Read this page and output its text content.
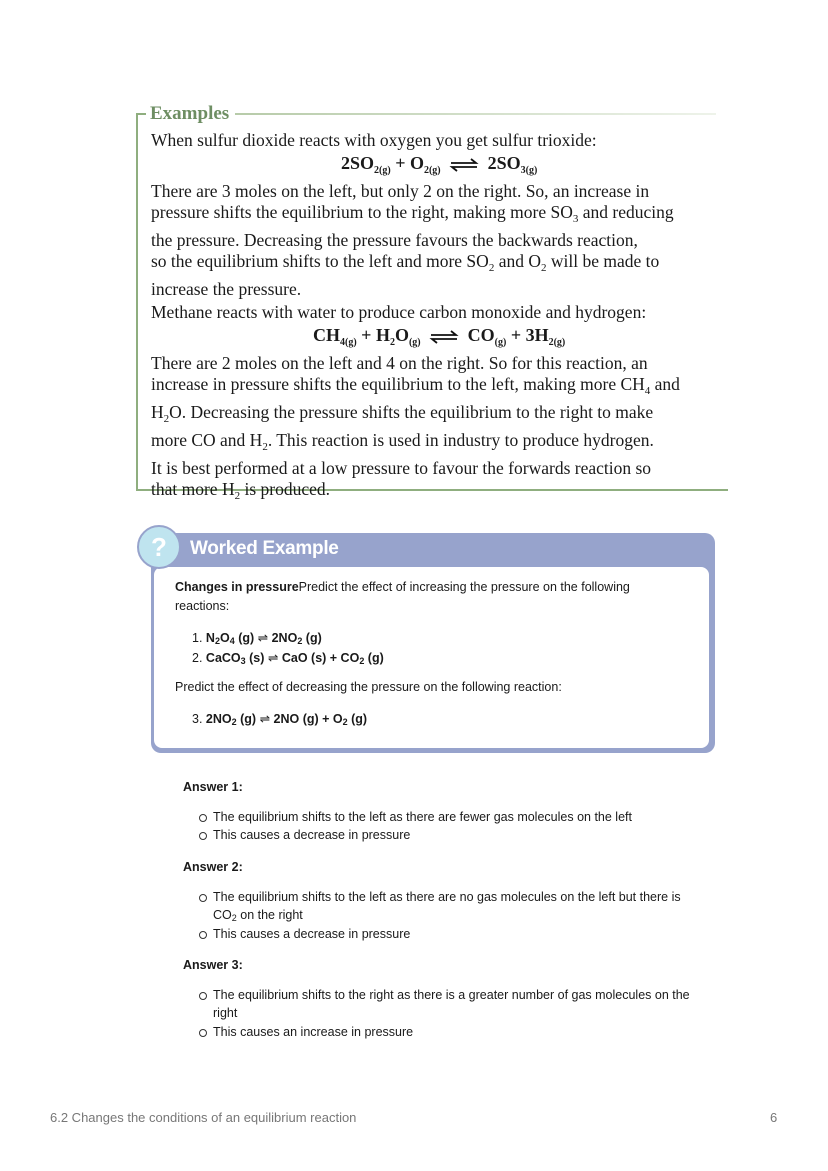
Examples
When sulfur dioxide reacts with oxygen you get sulfur trioxide:
$2SO_{2(g)} + O_{2(g)}$ ⇌ $2SO_{3(g)}$
There are 3 moles on the left, but only 2 on the right. So, an increase in
pressure shifts the equilibrium to the right, making more $SO_3$ and reducing
the pressure. Decreasing the pressure favours the backwards reaction,
so the equilibrium shifts to the left and more $SO_2$ and $O_2$ will be made to
increase the pressure.
Methane reacts with water to produce carbon monoxide and hydrogen:
$CH_{4(g)} + H_2O_{(g)}$ ⇌ $CO_{(g)} + 3H_{2(g)}$
There are 2 moles on the left and 4 on the right. So for this reaction, an
increase in pressure shifts the equilibrium to the left, making more $CH_4$ and
$H_2O$. Decreasing the pressure shifts the equilibrium to the right to make
more CO and $H_2$. This reaction is used in industry to produce hydrogen.
It is best performed at a low pressure to favour the forwards reaction so
that more $H_2$ is produced.
?	Worked Example
Changes in pressurePredict the effect of increasing the pressure on the following
reactions:
1. $N_2O_4$ (g) ⇌ $2NO_2$ (g)
2. CaCO$_3$ (s) ⇌ CaO $(s) + CO_2$ (g)
Predict the effect of decreasing the pressure on the following reaction:
3. $2NO_2$ (g) ⇌ 2NO $(g) + O_2$ (g)
Answer 1:
The equilibrium shifts to the left as there are fewer gas molecules on the left
This causes a decrease in pressure
Answer 2:
The equilibrium shifts to the left as there are no gas molecules on the left but there is
$CO_2$ on the right
This causes a decrease in pressure
Answer 3:
The equilibrium shifts to the right as there is a greater number of gas molecules on the
right
This causes an increase in pressure
6.2 Changes the conditions of an equilibrium reaction	6
